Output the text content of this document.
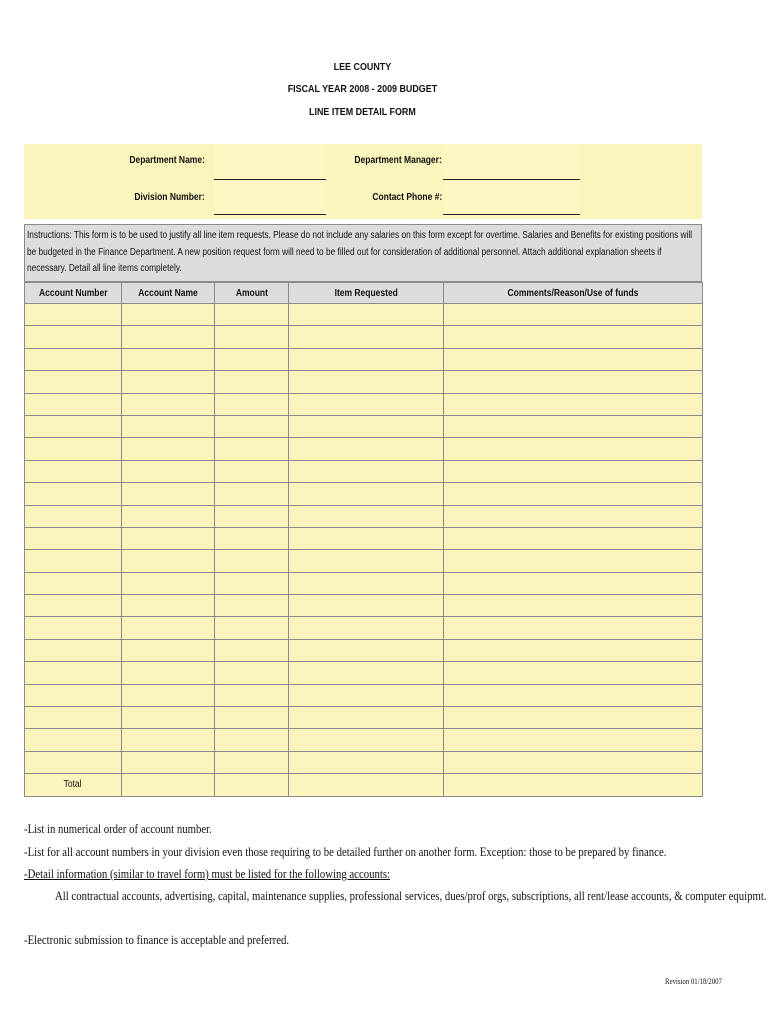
LEE COUNTY
FISCAL YEAR 2008 - 2009 BUDGET
LINE ITEM DETAIL FORM
Department Name:
Division Number:
Department Manager:
Contact Phone #:
Instructions: This form is to be used to justify all line item requests. Please do not include any salaries on this form except for overtime. Salaries and Benefits for existing positions will be budgeted in the Finance Department. A new position request form will need to be filled out for consideration of additional personnel. Attach additional explanation sheets if necessary. Detail all line items completely.
Account Number	Account Name	Amount	Item Requested	Comments/Reason/Use of funds

Total				
-List in numerical order of account number.
-List for all account numbers in your division even those requiring to be detailed further on another form. Exception: those to be prepared by finance.
-Detail information (similar to travel form) must be listed for the following accounts:
All contractual accounts, advertising, capital, maintenance supplies, professional services, dues/prof orgs, subscriptions, all rent/lease accounts, & computer equipmt.
-Electronic submission to finance is acceptable and preferred.
Revision 01/18/2007
